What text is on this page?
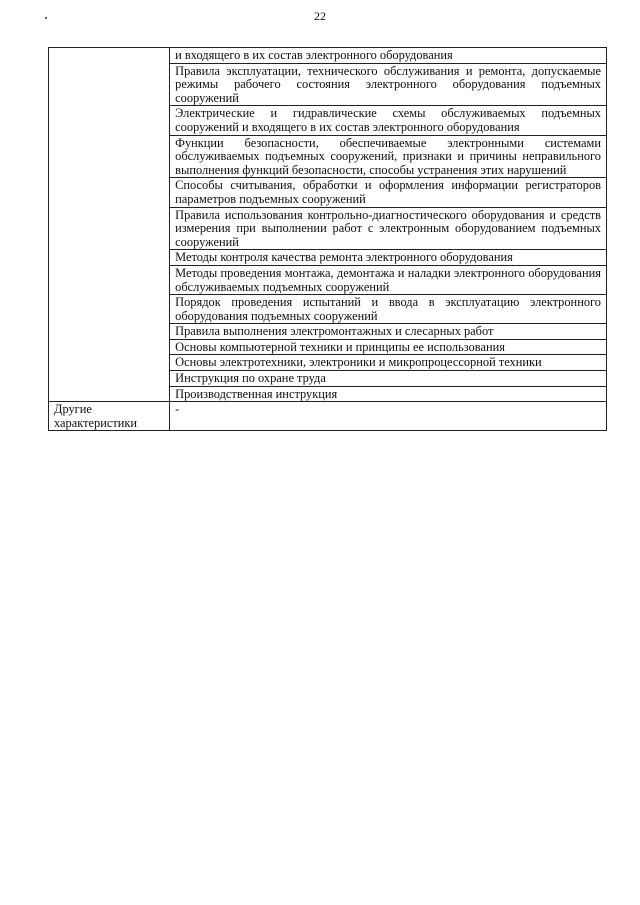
22
	и входящего в их состав электронного оборудования
	Правила эксплуатации, технического обслуживания и ремонта, допускаемые режимы рабочего состояния электронного оборудования подъемных сооружений
	Электрические и гидравлические схемы обслуживаемых подъемных сооружений и входящего в их состав электронного оборудования
	Функции безопасности, обеспечиваемые электронными системами обслуживаемых подъемных сооружений, признаки и причины неправильного выполнения функций безопасности, способы устранения этих нарушений
	Способы считывания, обработки и оформления информации регистраторов параметров подъемных сооружений
	Правила использования контрольно-диагностического оборудования и средств измерения при выполнении работ с электронным оборудованием подъемных сооружений
	Методы контроля качества ремонта электронного оборудования
	Методы проведения монтажа, демонтажа и наладки электронного оборудования обслуживаемых подъемных сооружений
	Порядок проведения испытаний и ввода в эксплуатацию электронного оборудования подъемных сооружений
	Правила выполнения электромонтажных и слесарных работ
	Основы компьютерной техники и принципы ее использования
	Основы электротехники, электроники и микропроцессорной техники
	Инструкция по охране труда
	Производственная инструкция
Другие характеристики	-
